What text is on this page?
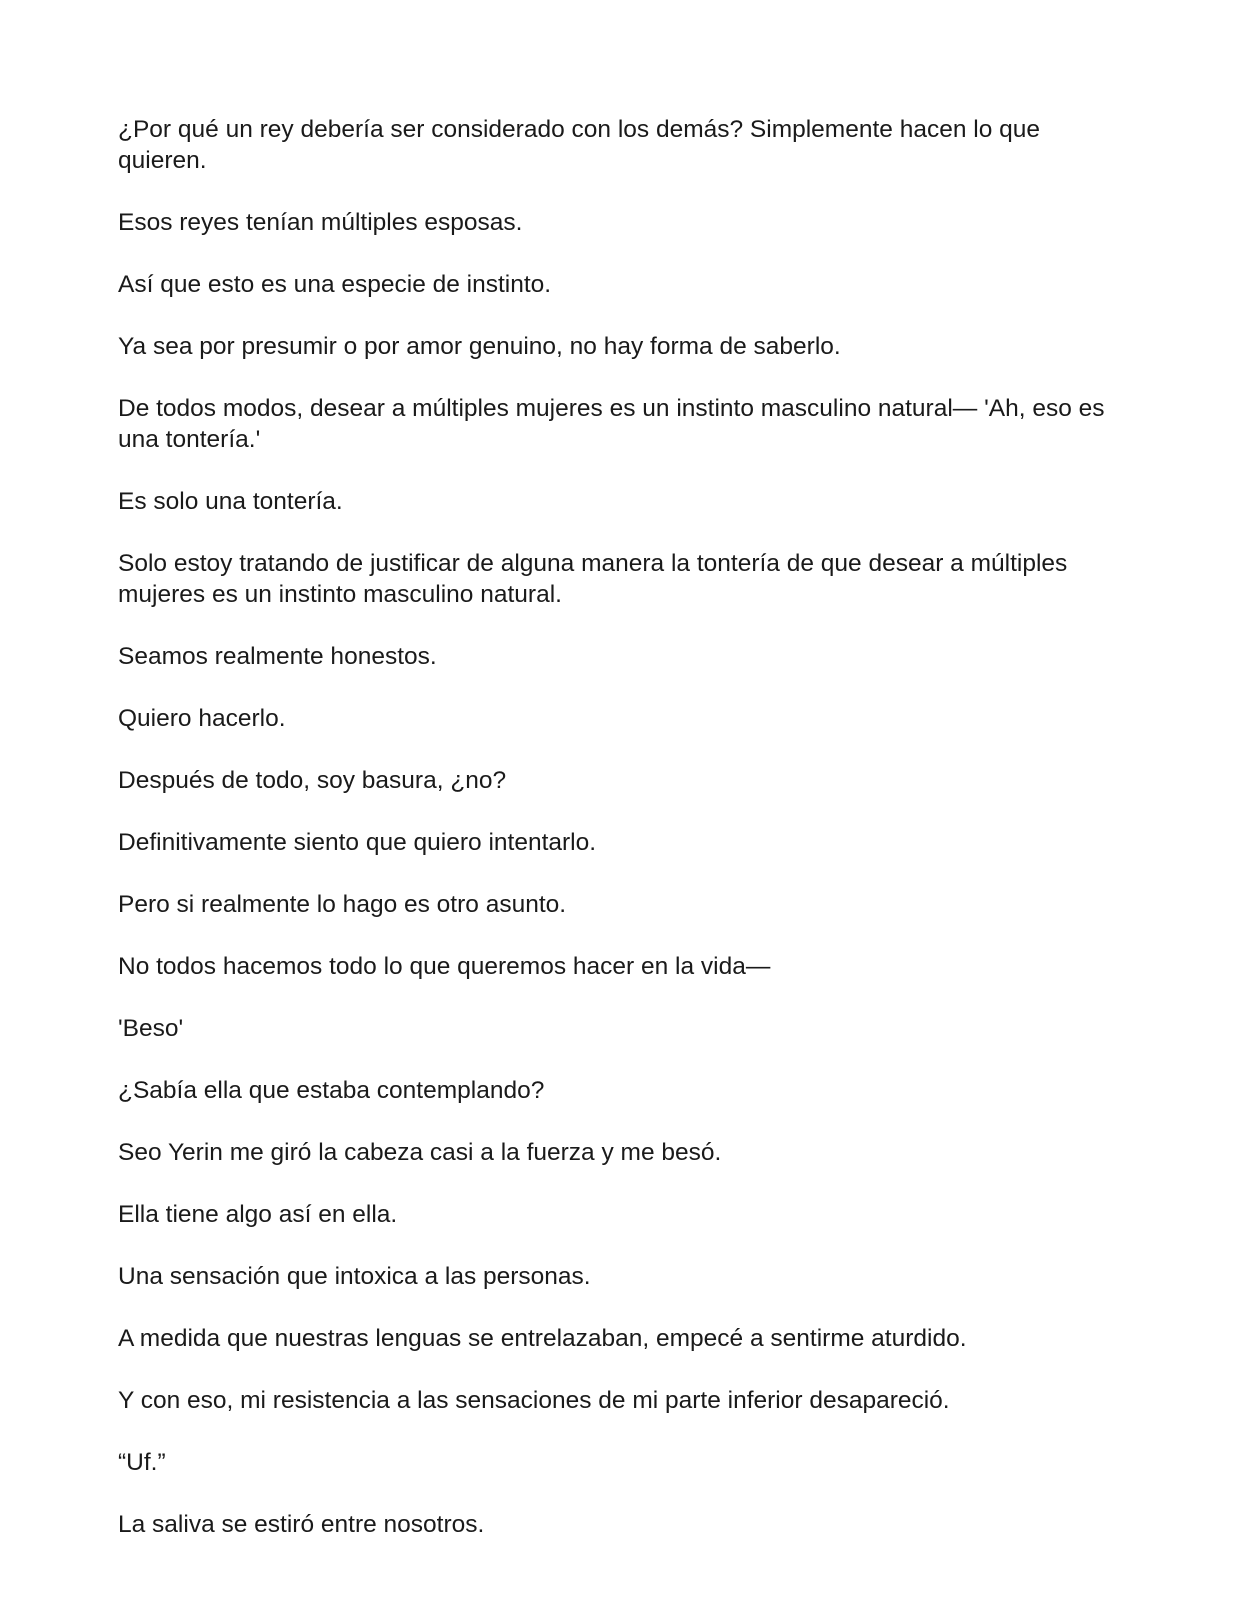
¿Por qué un rey debería ser considerado con los demás? Simplemente hacen lo que quieren.

Esos reyes tenían múltiples esposas.

Así que esto es una especie de instinto.

Ya sea por presumir o por amor genuino, no hay forma de saberlo.

De todos modos, desear a múltiples mujeres es un instinto masculino natural— 'Ah, eso es una tontería.'

Es solo una tontería.

Solo estoy tratando de justificar de alguna manera la tontería de que desear a múltiples mujeres es un instinto masculino natural.

Seamos realmente honestos.

Quiero hacerlo.

Después de todo, soy basura, ¿no?

Definitivamente siento que quiero intentarlo.

Pero si realmente lo hago es otro asunto.

No todos hacemos todo lo que queremos hacer en la vida—

'Beso'

¿Sabía ella que estaba contemplando?

Seo Yerin me giró la cabeza casi a la fuerza y me besó.

Ella tiene algo así en ella.

Una sensación que intoxica a las personas.

A medida que nuestras lenguas se entrelazaban, empecé a sentirme aturdido.

Y con eso, mi resistencia a las sensaciones de mi parte inferior desapareció.

“Uf.”

La saliva se estiró entre nosotros.
